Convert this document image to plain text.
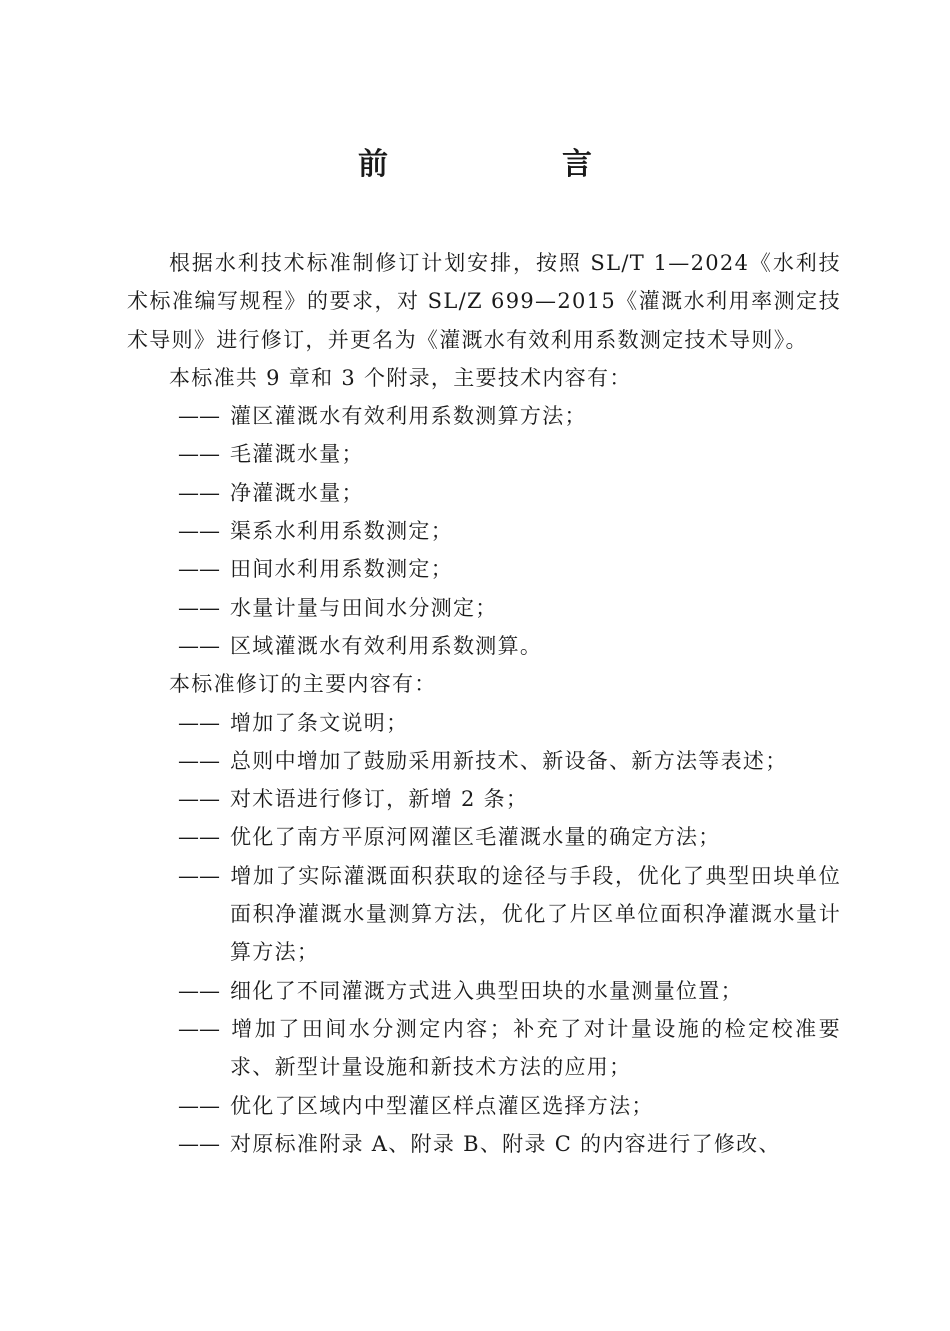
前　言

根据水利技术标准制修订计划安排，按照 SL/T 1—2024《水利技术标准编写规程》的要求，对 SL/Z 699—2015《灌溉水利用率测定技术导则》进行修订，并更名为《灌溉水有效利用系数测定技术导则》。

本标准共 9 章和 3 个附录，主要技术内容有：

—— 灌区灌溉水有效利用系数测算方法；

—— 毛灌溉水量；

—— 净灌溉水量；

—— 渠系水利用系数测定；

—— 田间水利用系数测定；

—— 水量计量与田间水分测定；

—— 区域灌溉水有效利用系数测算。

本标准修订的主要内容有：

—— 增加了条文说明；

—— 总则中增加了鼓励采用新技术、新设备、新方法等表述；

—— 对术语进行修订，新增 2 条；

—— 优化了南方平原河网灌区毛灌溉水量的确定方法；

—— 增加了实际灌溉面积获取的途径与手段，优化了典型田块单位面积净灌溉水量测算方法，优化了片区单位面积净灌溉水量计算方法；

—— 细化了不同灌溉方式进入典型田块的水量测量位置；

—— 增加了田间水分测定内容；补充了对计量设施的检定校准要求、新型计量设施和新技术方法的应用；

—— 优化了区域内中型灌区样点灌区选择方法；

—— 对原标准附录 A、附录 B、附录 C 的内容进行了修改、
